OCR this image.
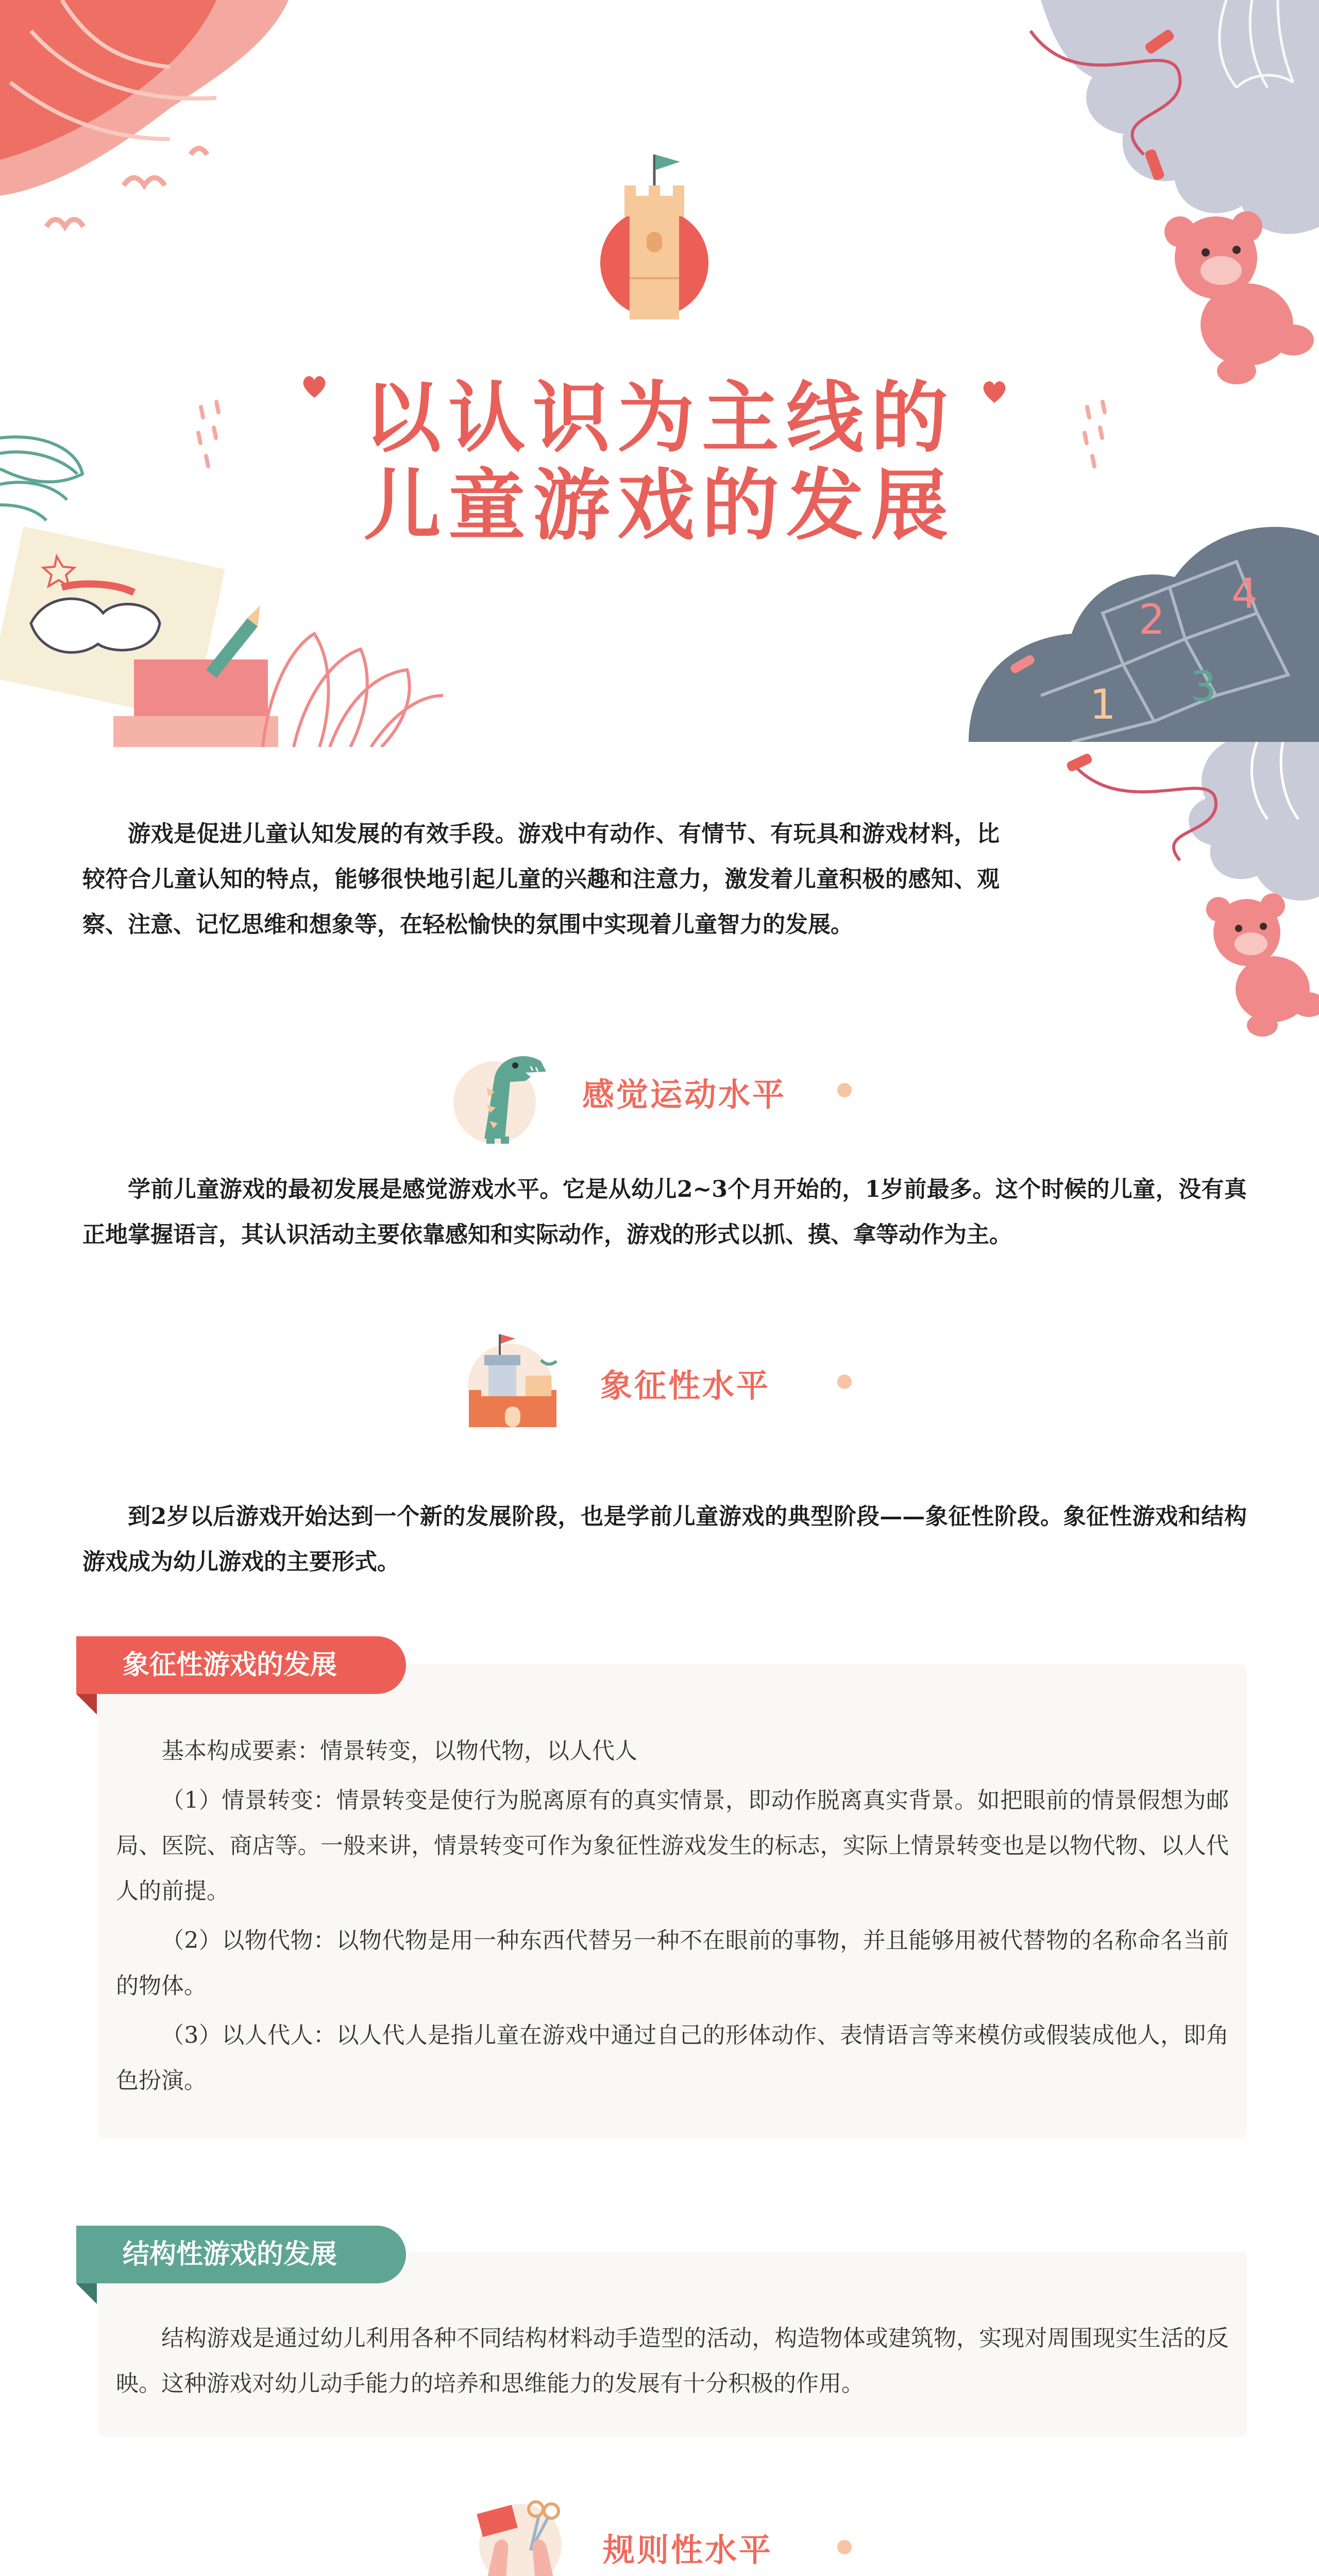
以认识为主线的
儿童游戏的发展
1
2
3
4
游戏是促进儿童认知发展的有效手段。游戏中有动作、有情节、有玩具和游戏材料，比较符合儿童认知的特点，能够很快地引起儿童的兴趣和注意力，激发着儿童积极的感知、观察、注意、记忆思维和想象等，在轻松愉快的氛围中实现着儿童智力的发展。
感觉运动水平
学前儿童游戏的最初发展是感觉游戏水平。它是从幼儿2~3个月开始的，1岁前最多。这个时候的儿童，没有真正地掌握语言，其认识活动主要依靠感知和实际动作，游戏的形式以抓、摸、拿等动作为主。
象征性水平
到2岁以后游戏开始达到一个新的发展阶段，也是学前儿童游戏的典型阶段——象征性阶段。象征性游戏和结构游戏成为幼儿游戏的主要形式。
象征性游戏的发展

基本构成要素：情景转变，以物代物，以人代人

（1）情景转变：情景转变是使行为脱离原有的真实情景，即动作脱离真实背景。如把眼前的情景假想为邮局、医院、商店等。一般来讲，情景转变可作为象征性游戏发生的标志，实际上情景转变也是以物代物、以人代人的前提。

（2）以物代物：以物代物是用一种东西代替另一种不在眼前的事物，并且能够用被代替物的名称命名当前的物体。

（3）以人代人：以人代人是指儿童在游戏中通过自己的形体动作、表情语言等来模仿或假装成他人，即角色扮演。

结构性游戏的发展

结构游戏是通过幼儿利用各种不同结构材料动手造型的活动，构造物体或建筑物，实现对周围现实生活的反映。这种游戏对幼儿动手能力的培养和思维能力的发展有十分积极的作用。

规则性水平
